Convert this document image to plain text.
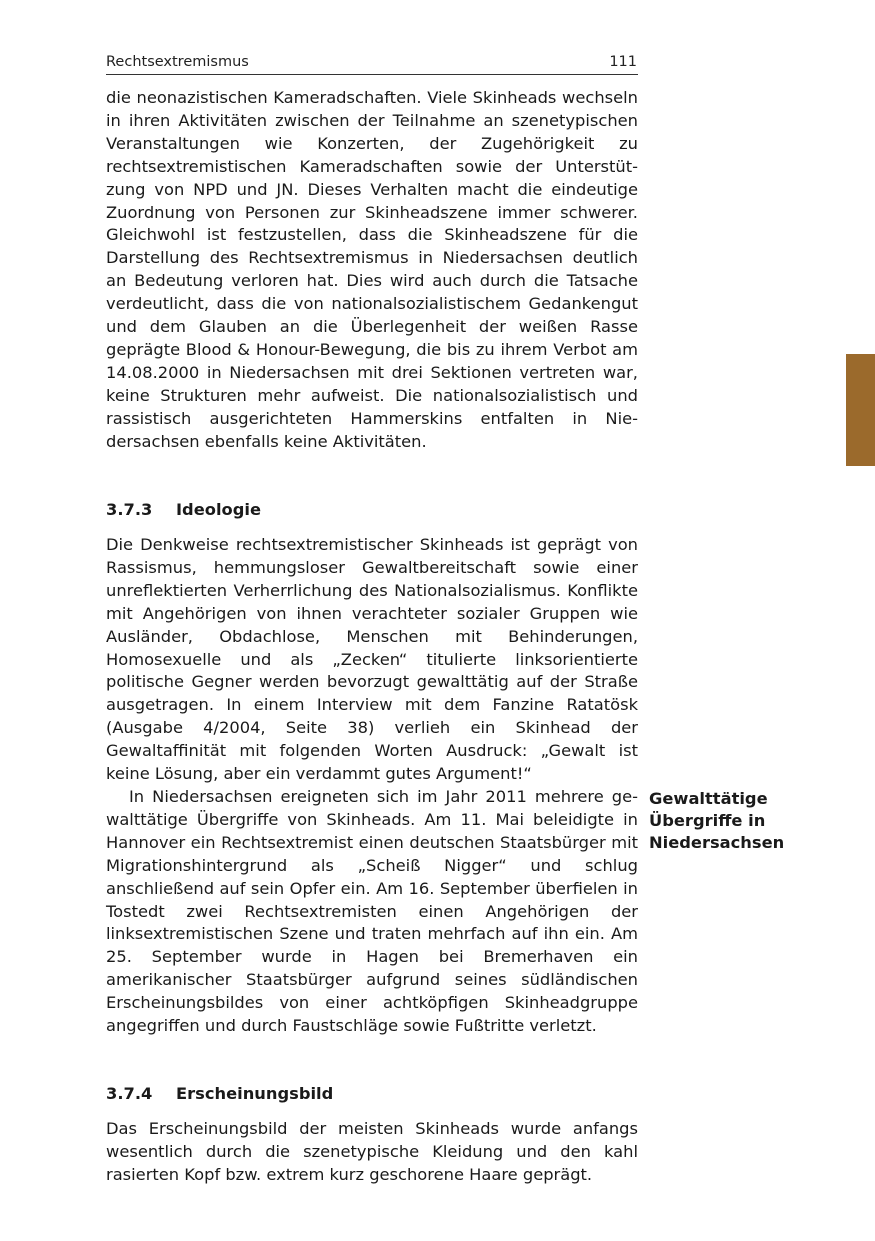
Rechtsextremismus	111

die neonazistischen Kameradschaften. Viele Skinheads wechseln in ihren Aktivitäten zwischen der Teilnahme an szenetypischen Veranstaltungen wie Konzerten, der Zugehörigkeit zu rechtsextremistischen Kameradschaften sowie der Unterstützung von NPD und JN. Dieses Verhalten macht die eindeutige Zuordnung von Personen zur Skinheadszene immer schwerer. Gleichwohl ist festzustellen, dass die Skinheadszene für die Darstellung des Rechtsextremismus in Niedersachsen deutlich an Bedeutung verloren hat. Dies wird auch durch die Tatsache verdeutlicht, dass die von nationalsozialistischem Gedankengut und dem Glauben an die Überlegenheit der weißen Rasse geprägte Blood & Honour-Bewegung, die bis zu ihrem Verbot am 14.08.2000 in Niedersachsen mit drei Sektionen vertreten war, keine Strukturen mehr aufweist. Die nationalsozialistisch und rassistisch ausgerichteten Hammerskins entfalten in Niedersachsen ebenfalls keine Aktivitäten.

3.7.3 Ideologie

Die Denkweise rechtsextremistischer Skinheads ist geprägt von Rassismus, hemmungsloser Gewaltbereitschaft sowie einer unreflektierten Verherrlichung des Nationalsozialismus. Konflikte mit Angehörigen von ihnen verachteter sozialer Gruppen wie Ausländer, Obdachlose, Menschen mit Behinderungen, Homosexuelle und als „Zecken“ titulierte linksorientierte politische Gegner werden bevorzugt gewalttätig auf der Straße ausgetragen. In einem Interview mit dem Fanzine Ratatösk (Ausgabe 4/2004, Seite 38) verlieh ein Skinhead der Gewaltaffinität mit folgenden Worten Ausdruck: „Gewalt ist keine Lösung, aber ein verdammt gutes Argument!“

In Niedersachsen ereigneten sich im Jahr 2011 mehrere gewalttätige Übergriffe von Skinheads. Am 11. Mai beleidigte in Hannover ein Rechtsextremist einen deutschen Staatsbürger mit Migrationshintergrund als „Scheiß Nigger“ und schlug anschließend auf sein Opfer ein. Am 16. September überfielen in Tostedt zwei Rechtsextremisten einen Angehörigen der linksextremistischen Szene und traten mehrfach auf ihn ein. Am 25. September wurde in Hagen bei Bremerhaven ein amerikanischer Staatsbürger aufgrund seines südländischen Erscheinungsbildes von einer achtköpfigen Skinheadgruppe angegriffen und durch Faustschläge sowie Fußtritte verletzt.

Gewalttätige
Übergriffe in
Niedersachsen
3.7.4 Erscheinungsbild

Das Erscheinungsbild der meisten Skinheads wurde anfangs wesentlich durch die szenetypische Kleidung und den kahl rasierten Kopf bzw. extrem kurz geschorene Haare geprägt.
